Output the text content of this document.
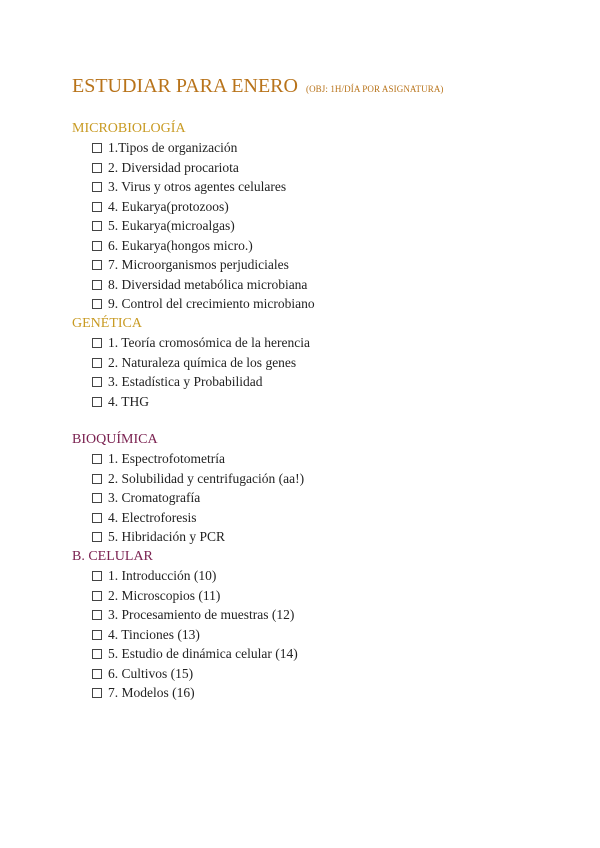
ESTUDIAR PARA ENERO (OBJ: 1H/DÍA POR ASIGNATURA)
MICROBIOLOGÍA
1.Tipos de organización
2. Diversidad procariota
3. Virus y otros agentes celulares
4. Eukarya(protozoos)
5. Eukarya(microalgas)
6. Eukarya(hongos micro.)
7. Microorganismos perjudiciales
8. Diversidad metabólica microbiana
9. Control del crecimiento microbiano
GENÉTICA
1. Teoría cromosómica de la herencia
2. Naturaleza química de los genes
3. Estadística y Probabilidad
4. THG
BIOQUÍMICA
1. Espectrofotometría
2. Solubilidad y centrifugación (aa!)
3. Cromatografía
4. Electroforesis
5. Hibridación y PCR
B. CELULAR
1. Introducción (10)
2. Microscopios (11)
3. Procesamiento de muestras (12)
4. Tinciones (13)
5. Estudio de dinámica celular (14)
6. Cultivos (15)
7. Modelos (16)
